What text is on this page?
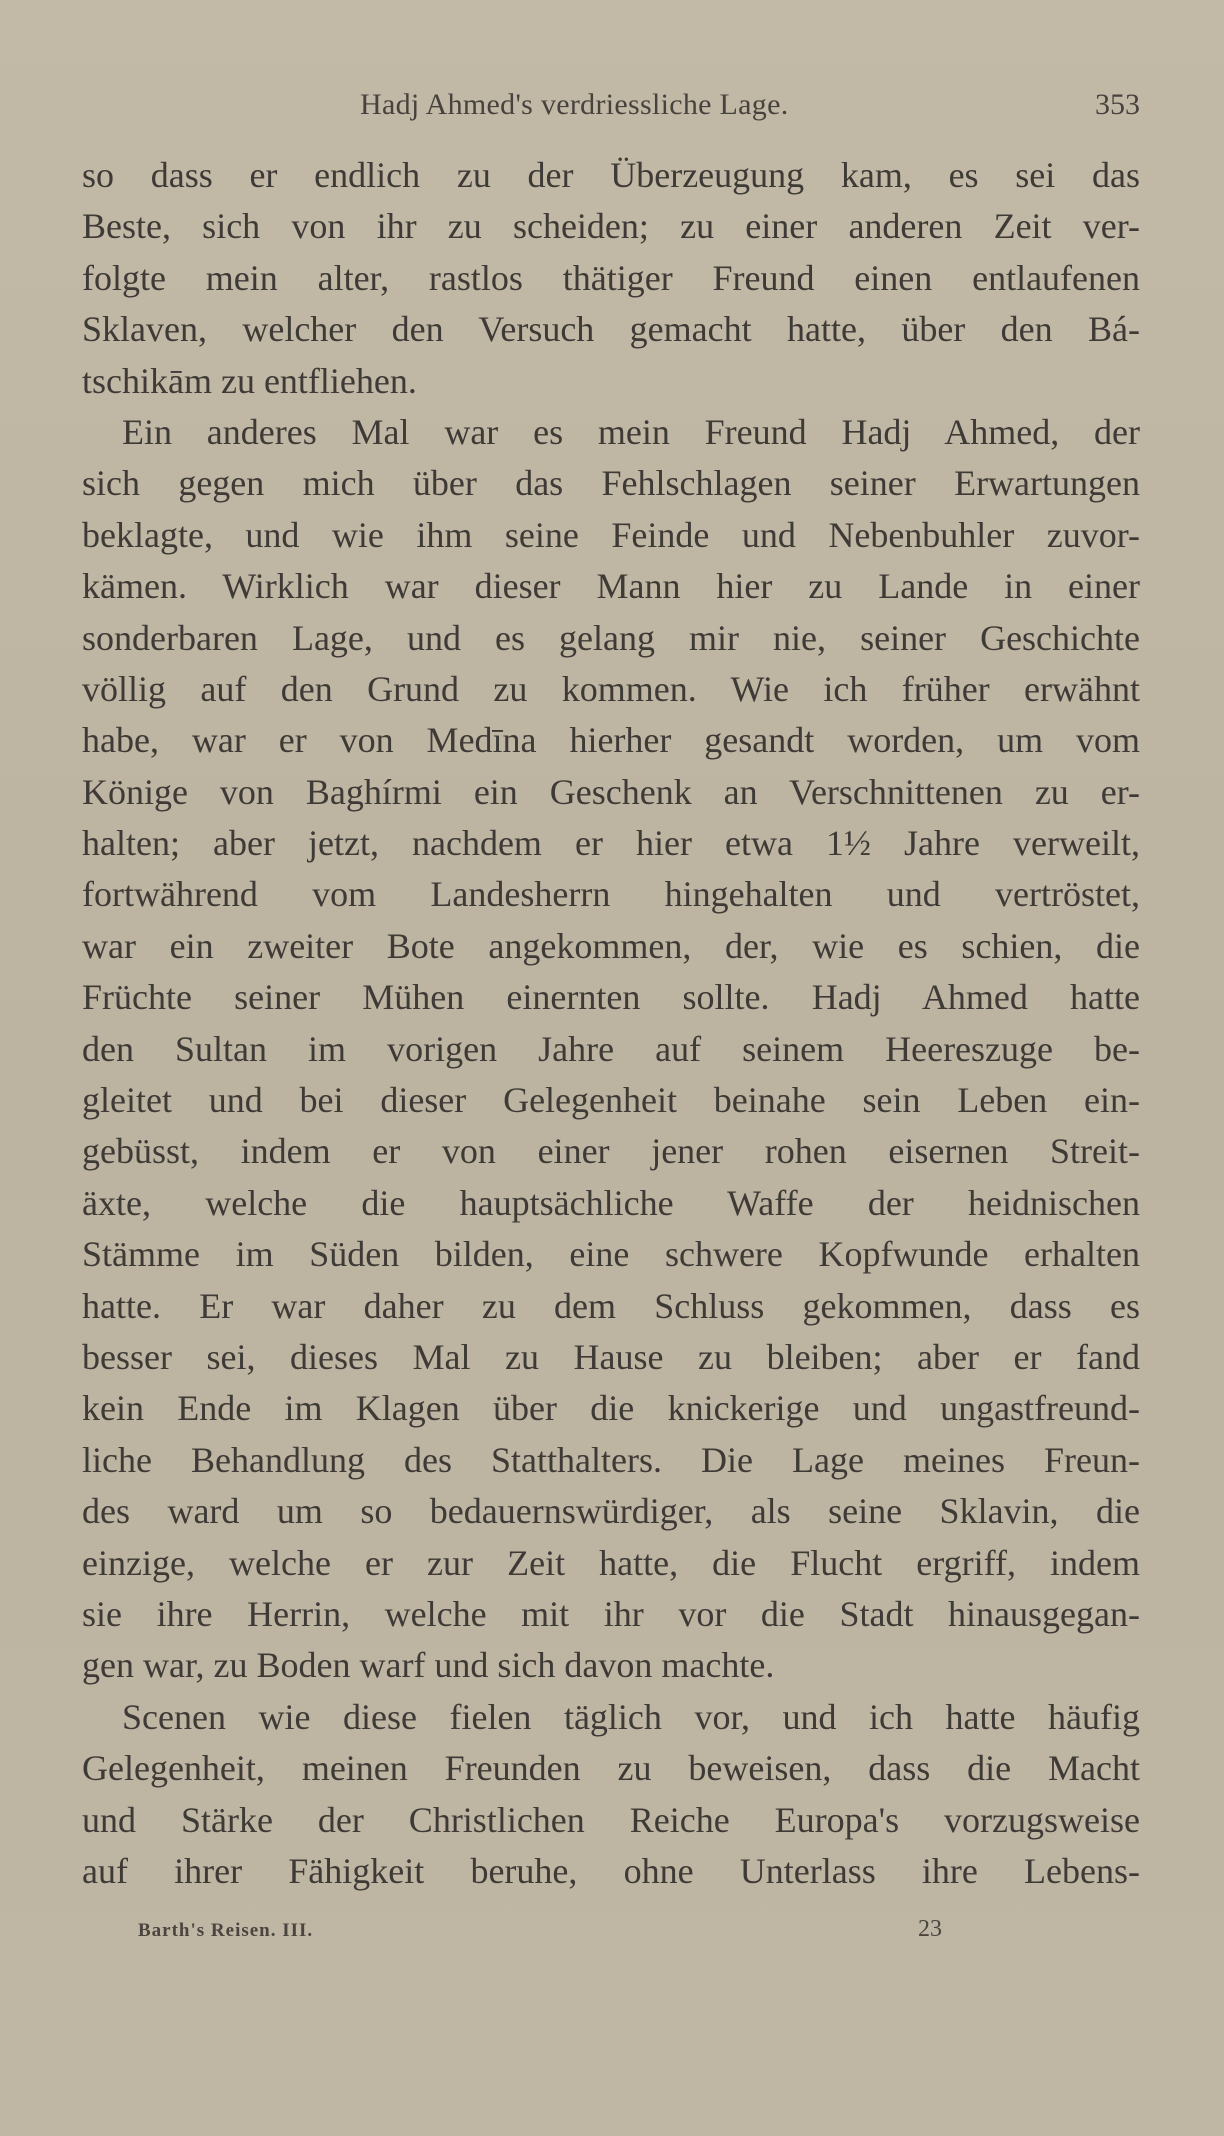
Hadj Ahmed's verdriessliche Lage.	353
so dass er endlich zu der Überzeugung kam, es sei das
Beste, sich von ihr zu scheiden; zu einer anderen Zeit ver-
folgte mein alter, rastlos thätiger Freund einen entlaufenen
Sklaven, welcher den Versuch gemacht hatte, über den Bá-
tschikām zu entfliehen.
Ein anderes Mal war es mein Freund Hadj Ahmed, der
sich gegen mich über das Fehlschlagen seiner Erwartungen
beklagte, und wie ihm seine Feinde und Nebenbuhler zuvor-
kämen. Wirklich war dieser Mann hier zu Lande in einer
sonderbaren Lage, und es gelang mir nie, seiner Geschichte
völlig auf den Grund zu kommen. Wie ich früher erwähnt
habe, war er von Medīna hierher gesandt worden, um vom
Könige von Baghírmi ein Geschenk an Verschnittenen zu er-
halten; aber jetzt, nachdem er hier etwa 1½ Jahre verweilt,
fortwährend vom Landesherrn hingehalten und vertröstet,
war ein zweiter Bote angekommen, der, wie es schien, die
Früchte seiner Mühen einernten sollte. Hadj Ahmed hatte
den Sultan im vorigen Jahre auf seinem Heereszuge be-
gleitet und bei dieser Gelegenheit beinahe sein Leben ein-
gebüsst, indem er von einer jener rohen eisernen Streit-
äxte, welche die hauptsächliche Waffe der heidnischen
Stämme im Süden bilden, eine schwere Kopfwunde erhalten
hatte. Er war daher zu dem Schluss gekommen, dass es
besser sei, dieses Mal zu Hause zu bleiben; aber er fand
kein Ende im Klagen über die knickerige und ungastfreund-
liche Behandlung des Statthalters. Die Lage meines Freun-
des ward um so bedauernswürdiger, als seine Sklavin, die
einzige, welche er zur Zeit hatte, die Flucht ergriff, indem
sie ihre Herrin, welche mit ihr vor die Stadt hinausgegan-
gen war, zu Boden warf und sich davon machte.
Scenen wie diese fielen täglich vor, und ich hatte häufig
Gelegenheit, meinen Freunden zu beweisen, dass die Macht
und Stärke der Christlichen Reiche Europa's vorzugsweise
auf ihrer Fähigkeit beruhe, ohne Unterlass ihre Lebens-
Barth's Reisen. III.	23
